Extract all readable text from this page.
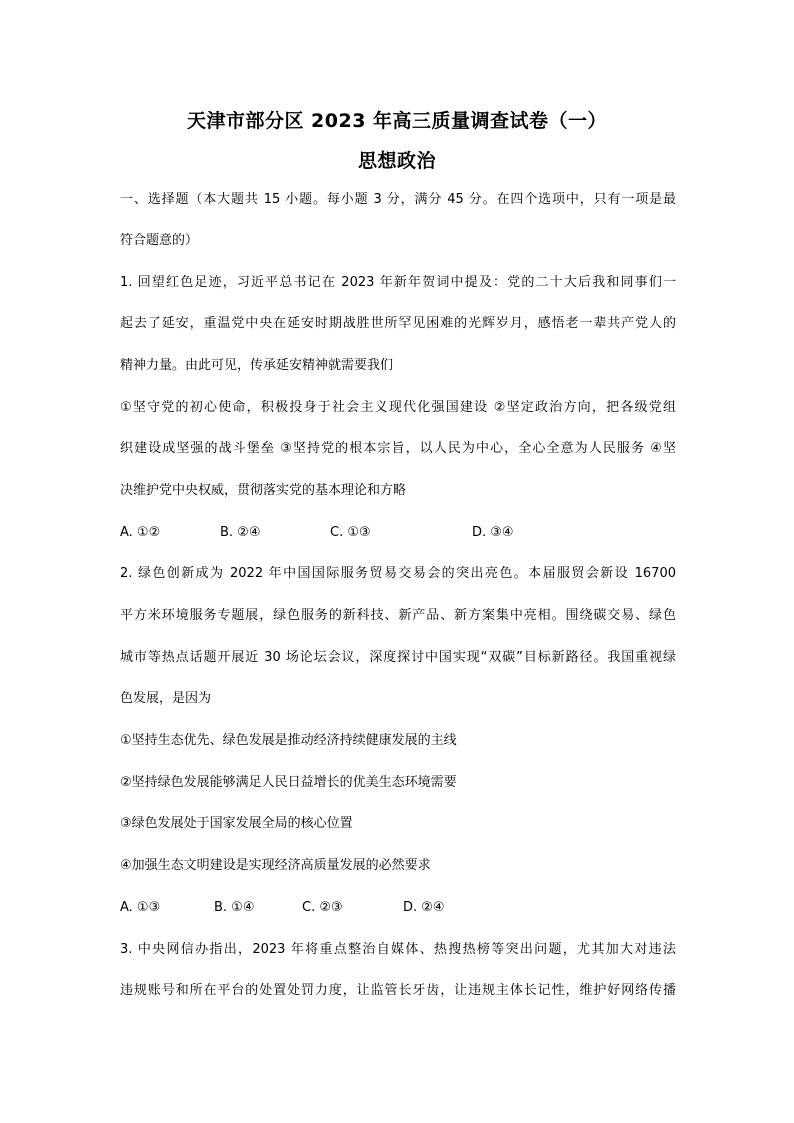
天津市部分区 2023 年高三质量调查试卷（一）
思想政治
一、选择题（本大题共 15 小题。每小题 3 分，满分 45 分。在四个选项中，只有一项是最
符合题意的）
1. 回望红色足迹，习近平总书记在 2023 年新年贺词中提及：党的二十大后我和同事们一
起去了延安，重温党中央在延安时期战胜世所罕见困难的光辉岁月，感悟老一辈共产党人的
精神力量。由此可见，传承延安精神就需要我们
①坚守党的初心使命，积极投身于社会主义现代化强国建设 ②坚定政治方向，把各级党组
织建设成坚强的战斗堡垒 ③坚持党的根本宗旨，以人民为中心，全心全意为人民服务 ④坚
决维护党中央权威，贯彻落实党的基本理论和方略
A. ①②	B. ②④	C. ①③	D. ③④
2. 绿色创新成为 2022 年中国国际服务贸易交易会的突出亮色。本届服贸会新设 16700
平方米环境服务专题展，绿色服务的新科技、新产品、新方案集中亮相。围绕碳交易、绿色
城市等热点话题开展近 30 场论坛会议，深度探讨中国实现“双碳”目标新路径。我国重视绿
色发展，是因为
①坚持生态优先、绿色发展是推动经济持续健康发展的主线
②坚持绿色发展能够满足人民日益增长的优美生态环境需要
③绿色发展处于国家发展全局的核心位置
④加强生态文明建设是实现经济高质量发展的必然要求
A. ①③	B. ①④	C. ②③	D. ②④
3. 中央网信办指出，2023 年将重点整治自媒体、热搜热榜等突出问题，尤其加大对违法
违规账号和所在平台的处置处罚力度，让监管长牙齿，让违规主体长记性，维护好网络传播
